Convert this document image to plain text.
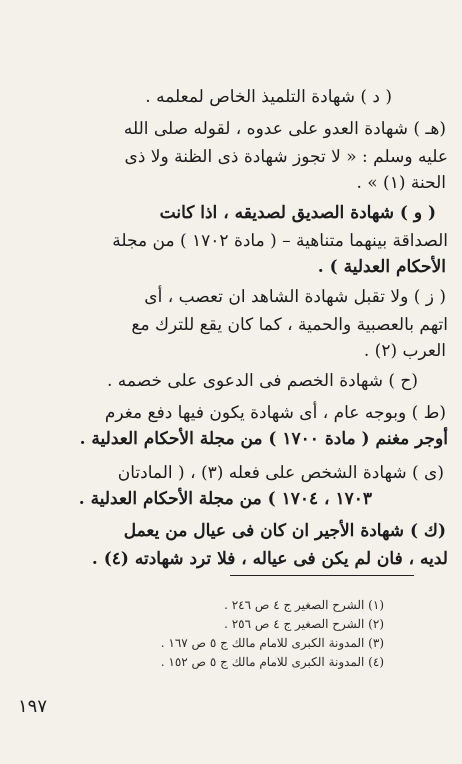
( د ) شهادة التلميذ الخاص لمعلمه .
(هـ ) شهادة العدو على عدوه ، لقوله صلى الله
عليه وسلم : « لا تجوز شهادة ذى الظنة ولا ذى
الحنة (١) » .
( و ) شهادة الصديق لصديقه ، اذا كانت
الصداقة بينهما متناهية – ( مادة ١٧٠٢ ) من مجلة
الأحكام العدلية ) .
( ز ) ولا تقبل شهادة الشاهد ان تعصب ، أى
اتهم بالعصبية والحمية ، كما كان يقع للترك مع
العرب (٢) .
(ح ) شهادة الخصم فى الدعوى على خصمه .
(ط ) وبوجه عام ، أى شهادة يكون فيها دفع مغرم
أوجر مغنم ( مادة ١٧٠٠ ) من مجلة الأحكام العدلية .
(ى ) شهادة الشخص على فعله (٣) ، ( المادتان
١٧٠٣ ، ١٧٠٤ ) من مجلة الأحكام العدلية .
(ك ) شهادة الأجير ان كان فى عيال من يعمل
لديه ، فان لم يكن فى عياله ، فلا ترد شهادته (٤) .
(١) الشرح الصغير ج ٤ ص ٢٤٦ .
(٢) الشرح الصغير ج ٤ ص ٢٥٦ .
(٣) المدونة الكبرى للامام مالك ج ٥ ص ١٦٧ .
(٤) المدونة الكبرى للامام مالك ج ٥ ص ١٥٢ .
١٩٧
